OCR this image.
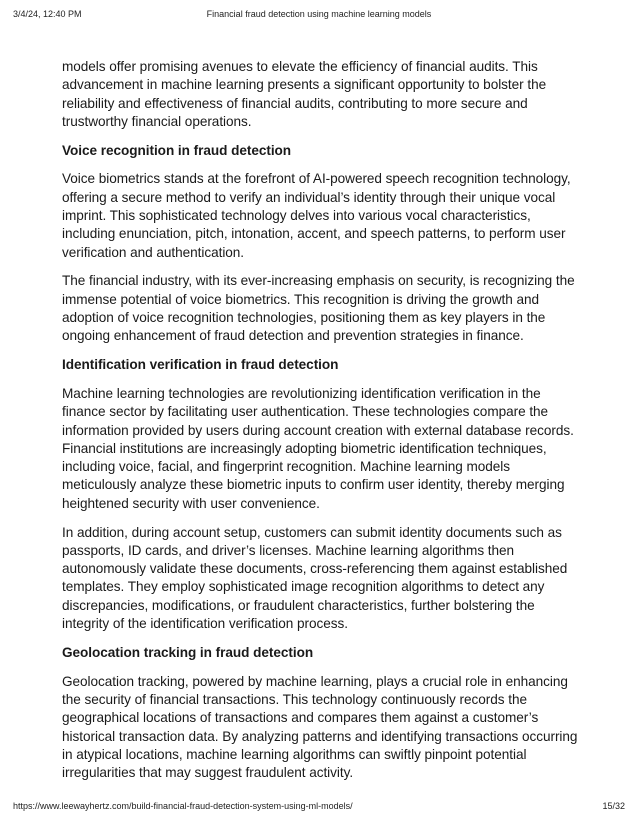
3/4/24, 12:40 PM	Financial fraud detection using machine learning models

models offer promising avenues to elevate the efficiency of financial audits. This advancement in machine learning presents a significant opportunity to bolster the reliability and effectiveness of financial audits, contributing to more secure and trustworthy financial operations.

Voice recognition in fraud detection

Voice biometrics stands at the forefront of AI-powered speech recognition technology, offering a secure method to verify an individual’s identity through their unique vocal imprint. This sophisticated technology delves into various vocal characteristics, including enunciation, pitch, intonation, accent, and speech patterns, to perform user verification and authentication.

The financial industry, with its ever-increasing emphasis on security, is recognizing the immense potential of voice biometrics. This recognition is driving the growth and adoption of voice recognition technologies, positioning them as key players in the ongoing enhancement of fraud detection and prevention strategies in finance.

Identification verification in fraud detection

Machine learning technologies are revolutionizing identification verification in the finance sector by facilitating user authentication. These technologies compare the information provided by users during account creation with external database records. Financial institutions are increasingly adopting biometric identification techniques, including voice, facial, and fingerprint recognition. Machine learning models meticulously analyze these biometric inputs to confirm user identity, thereby merging heightened security with user convenience.

In addition, during account setup, customers can submit identity documents such as passports, ID cards, and driver’s licenses. Machine learning algorithms then autonomously validate these documents, cross-referencing them against established templates. They employ sophisticated image recognition algorithms to detect any discrepancies, modifications, or fraudulent characteristics, further bolstering the integrity of the identification verification process.

Geolocation tracking in fraud detection

Geolocation tracking, powered by machine learning, plays a crucial role in enhancing the security of financial transactions. This technology continuously records the geographical locations of transactions and compares them against a customer’s historical transaction data. By analyzing patterns and identifying transactions occurring in atypical locations, machine learning algorithms can swiftly pinpoint potential irregularities that may suggest fraudulent activity.

https://www.leewayhertz.com/build-financial-fraud-detection-system-using-ml-models/	15/32
